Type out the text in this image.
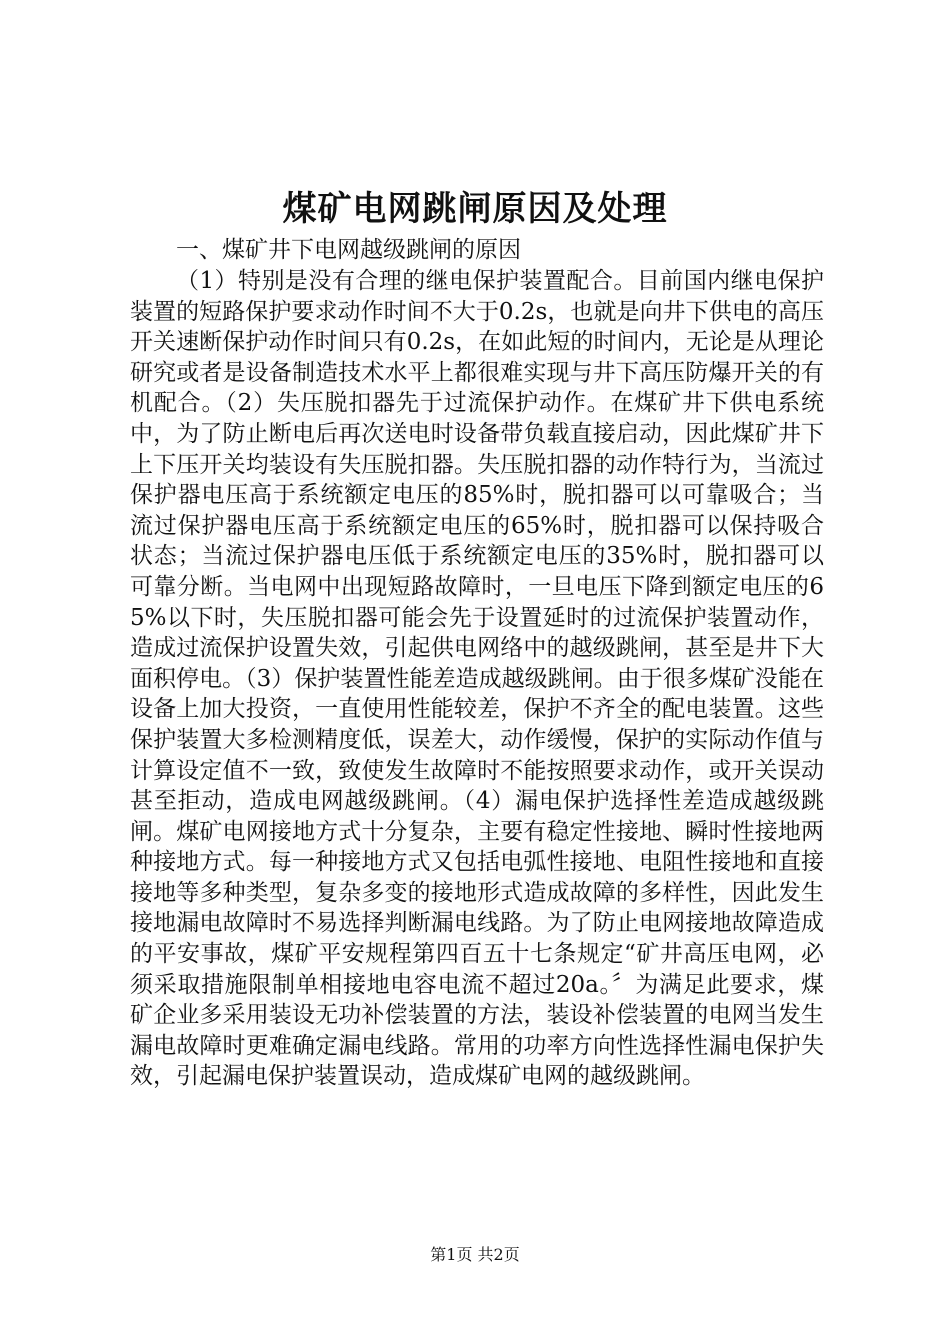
煤矿电网跳闸原因及处理

一、煤矿井下电网越级跳闸的原因

（1）特别是没有合理的继电保护装置配合。目前国内继电保护装置的短路保护要求动作时间不大于0.2s，也就是向井下供电的高压开关速断保护动作时间只有0.2s，在如此短的时间内，无论是从理论研究或者是设备制造技术水平上都很难实现与井下高压防爆开关的有机配合。（2）失压脱扣器先于过流保护动作。在煤矿井下供电系统中，为了防止断电后再次送电时设备带负载直接启动，因此煤矿井下上下压开关均装设有失压脱扣器。失压脱扣器的动作特行为，当流过保护器电压高于系统额定电压的85%时，脱扣器可以可靠吸合；当流过保护器电压高于系统额定电压的65%时，脱扣器可以保持吸合状态；当流过保护器电压低于系统额定电压的35%时，脱扣器可以可靠分断。当电网中出现短路故障时，一旦电压下降到额定电压的65%以下时，失压脱扣器可能会先于设置延时的过流保护装置动作，造成过流保护设置失效，引起供电网络中的越级跳闸，甚至是井下大面积停电。（3）保护装置性能差造成越级跳闸。由于很多煤矿没能在设备上加大投资，一直使用性能较差，保护不齐全的配电装置。这些保护装置大多检测精度低，误差大，动作缓慢，保护的实际动作值与计算设定值不一致，致使发生故障时不能按照要求动作，或开关误动甚至拒动，造成电网越级跳闸。（4）漏电保护选择性差造成越级跳闸。煤矿电网接地方式十分复杂，主要有稳定性接地、瞬时性接地两种接地方式。每一种接地方式又包括电弧性接地、电阻性接地和直接接地等多种类型，复杂多变的接地形式造成故障的多样性，因此发生接地漏电故障时不易选择判断漏电线路。为了防止电网接地故障造成的平安事故，煤矿平安规程第四百五十七条规定“矿井高压电网，必须采取措施限制单相接地电容电流不超过20a。〞为满足此要求，煤矿企业多采用装设无功补偿装置的方法，装设补偿装置的电网当发生漏电故障时更难确定漏电线路。常用的功率方向性选择性漏电保护失效，引起漏电保护装置误动，造成煤矿电网的越级跳闸。

第1页 共2页
